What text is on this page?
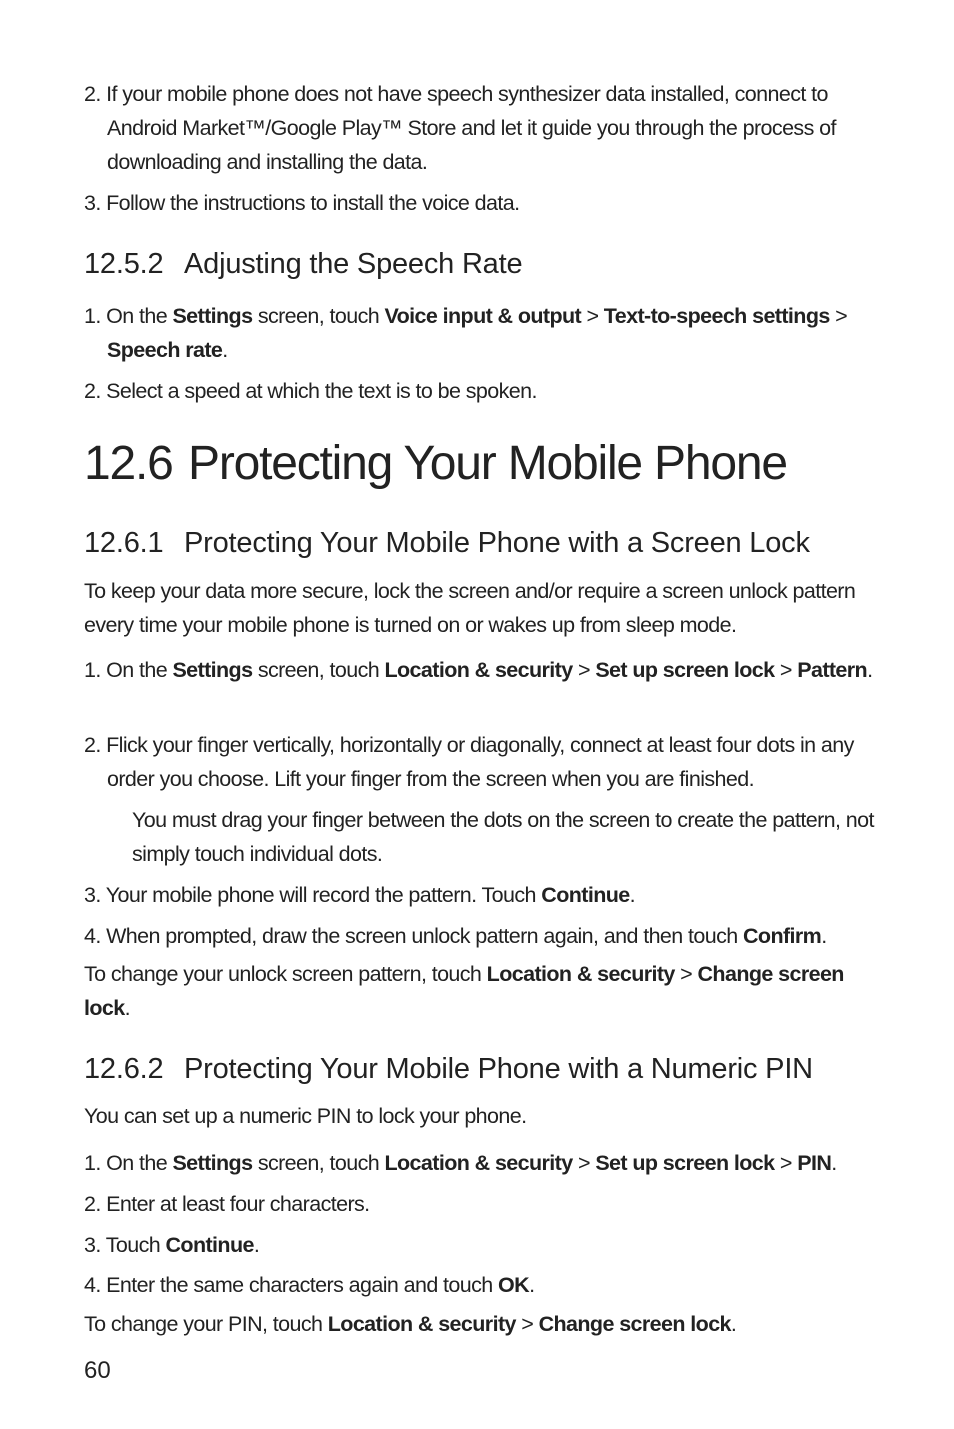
2. If your mobile phone does not have speech synthesizer data installed, connect to Android Market™/Google Play™ Store and let it guide you through the process of downloading and installing the data.
3. Follow the instructions to install the voice data.
12.5.2 Adjusting the Speech Rate
1. On the Settings screen, touch Voice input & output > Text-to-speech settings > Speech rate.
2. Select a speed at which the text is to be spoken.
12.6 Protecting Your Mobile Phone
12.6.1 Protecting Your Mobile Phone with a Screen Lock
To keep your data more secure, lock the screen and/or require a screen unlock pattern every time your mobile phone is turned on or wakes up from sleep mode.
1. On the Settings screen, touch Location & security > Set up screen lock > Pattern.
2. Flick your finger vertically, horizontally or diagonally, connect at least four dots in any order you choose. Lift your finger from the screen when you are finished.
You must drag your finger between the dots on the screen to create the pattern, not simply touch individual dots.
3. Your mobile phone will record the pattern. Touch Continue.
4. When prompted, draw the screen unlock pattern again, and then touch Confirm.
To change your unlock screen pattern, touch Location & security > Change screen lock.
12.6.2 Protecting Your Mobile Phone with a Numeric PIN
You can set up a numeric PIN to lock your phone.
1. On the Settings screen, touch Location & security > Set up screen lock > PIN.
2. Enter at least four characters.
3. Touch Continue.
4. Enter the same characters again and touch OK.
To change your PIN, touch Location & security > Change screen lock.
60
